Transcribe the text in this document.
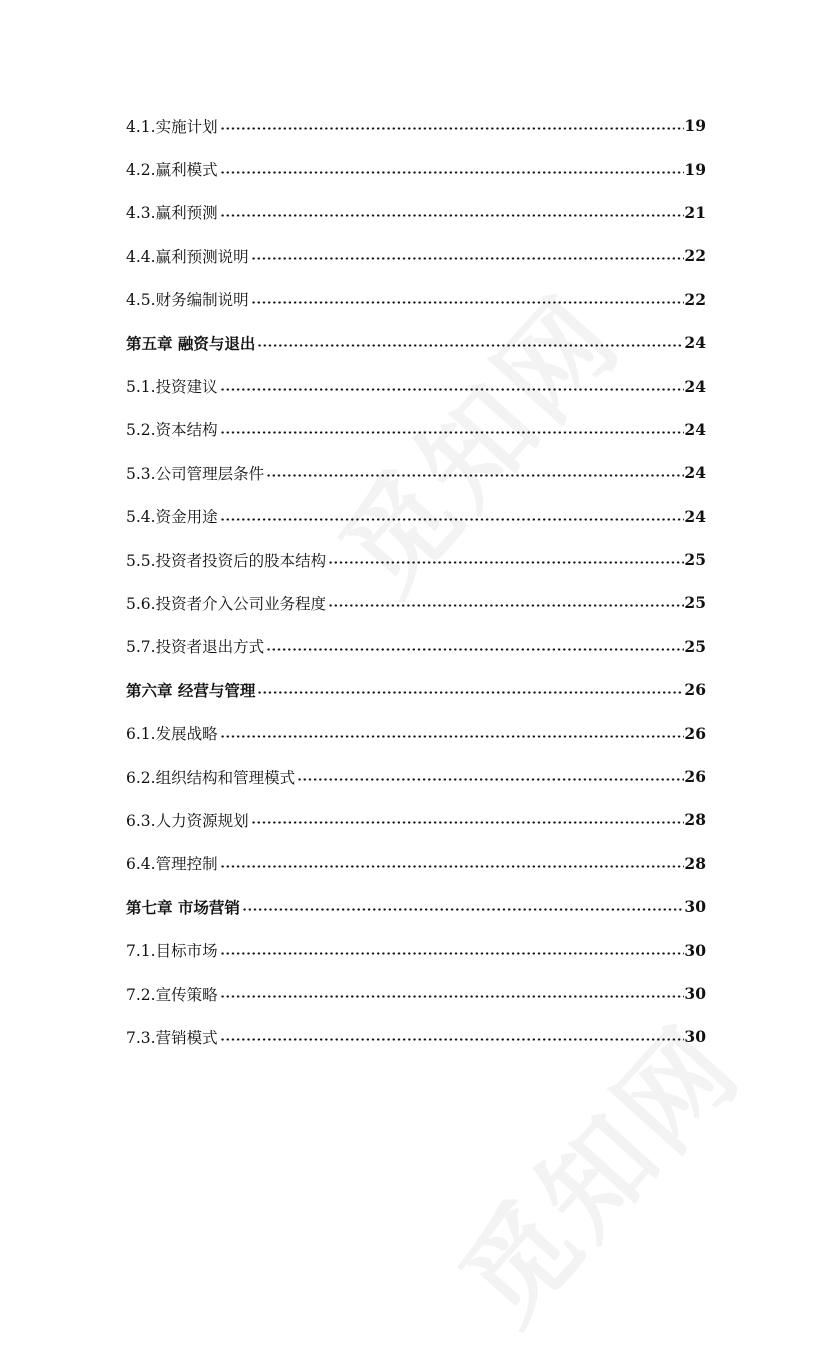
4.1.实施计划	19
4.2.赢利模式	19
4.3.赢利预测	21
4.4.赢利预测说明	22
4.5.财务编制说明	22
第五章 融资与退出	24
5.1.投资建议	24
5.2.资本结构	24
5.3.公司管理层条件	24
5.4.资金用途	24
5.5.投资者投资后的股本结构	25
5.6.投资者介入公司业务程度	25
5.7.投资者退出方式	25
第六章 经营与管理	26
6.1.发展战略	26
6.2.组织结构和管理模式	26
6.3.人力资源规划	28
6.4.管理控制	28
第七章 市场营销	30
7.1.目标市场	30
7.2.宣传策略	30
7.3.营销模式	30
